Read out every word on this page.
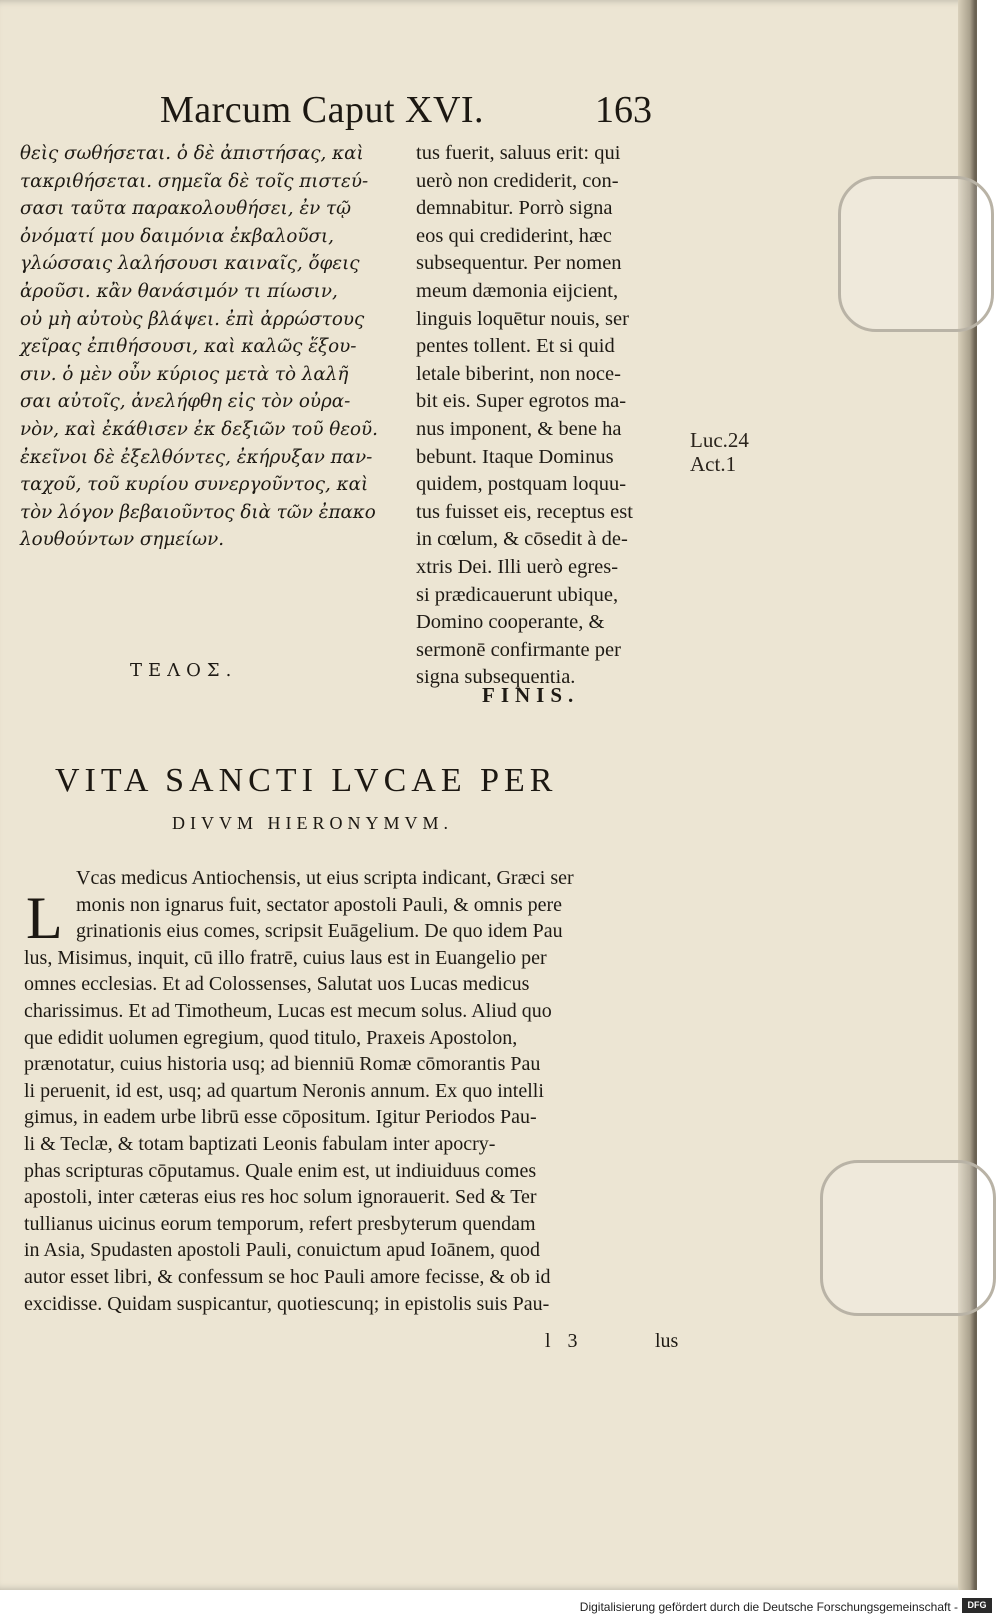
Marcum Caput XVI.	163
θεὶς σωθήσεται. ὁ δὲ ἀπιστήσας, καὶ
τακριθήσεται. σημεῖα δὲ τοῖς πιστεύ-
σασι ταῦτα παρακολουθήσει, ἐν τῷ
ὀνόματί μου δαιμόνια ἐκβαλοῦσι,
γλώσσαις λαλήσουσι καιναῖς, ὄφεις
ἀροῦσι. κἂν θανάσιμόν τι πίωσιν,
οὐ μὴ αὐτοὺς βλάψει. ἐπὶ ἀρρώστους
χεῖρας ἐπιθήσουσι, καὶ καλῶς ἕξου-
σιν. ὁ μὲν οὖν κύριος μετὰ τὸ λαλῆ
σαι αὐτοῖς, ἀνελήφθη εἰς τὸν οὐρα-
νὸν, καὶ ἐκάθισεν ἐκ δεξιῶν τοῦ θεοῦ.
ἐκεῖνοι δὲ ἐξελθόντες, ἐκήρυξαν παν-
ταχοῦ, τοῦ κυρίου συνεργοῦντος, καὶ
τὸν λόγον βεβαιοῦντος διὰ τῶν ἐπακο
λουθούντων σημείων.
tus fuerit, saluus erit: qui
uerò non crediderit, con-
demnabitur. Porrò signa
eos qui crediderint, hæc
subsequentur. Per nomen
meum dæmonia eijcient,
linguis loquētur nouis, ser
pentes tollent. Et si quid
letale biberint, non noce-
bit eis. Super egrotos ma-
nus imponent, & bene ha
bebunt. Itaque Dominus
quidem, postquam loquu-
tus fuisset eis, receptus est
in cœlum, & cōsedit à de-
xtris Dei. Illi uerò egres-
si prædicauerunt ubique,
Domino cooperante, &
sermonē confirmante per
signa subsequentia.
Luc.24
Act.1
ΤΕΛΟΣ.
FINIS.
VITA SANCTI LVCAE PER
DIVVM HIERONYMVM.
L
Vcas medicus Antiochensis, ut eius scripta indicant, Græci ser
monis non ignarus fuit, sectator apostoli Pauli, & omnis pere
grinationis eius comes, scripsit Euāgelium. De quo idem Pau
lus, Misimus, inquit, cū illo fratrē, cuius laus est in Euangelio per
omnes ecclesias. Et ad Colossenses, Salutat uos Lucas medicus
charissimus. Et ad Timotheum, Lucas est mecum solus. Aliud quo
que edidit uolumen egregium, quod titulo, Praxeis Apostolon,
prænotatur, cuius historia usq; ad bienniū Romæ cōmorantis Pau
li peruenit, id est, usq; ad quartum Neronis annum. Ex quo intelli
gimus, in eadem urbe librū esse cōpositum. Igitur Periodos Pau-
li & Teclæ, & totam baptizati Leonis fabulam inter apocry-
phas scripturas cōputamus. Quale enim est, ut indiuiduus comes
apostoli, inter cæteras eius res hoc solum ignorauerit. Sed & Ter
tullianus uicinus eorum temporum, refert presbyterum quendam
in Asia, Spudasten apostoli Pauli, conuictum apud Ioānem, quod
autor esset libri, & confessum se hoc Pauli amore fecisse, & ob id
excidisse. Quidam suspicantur, quotiescunq; in epistolis suis Pau-
l 3	lus
Digitalisierung gefördert durch die Deutsche Forschungsgemeinschaft -	DFG
